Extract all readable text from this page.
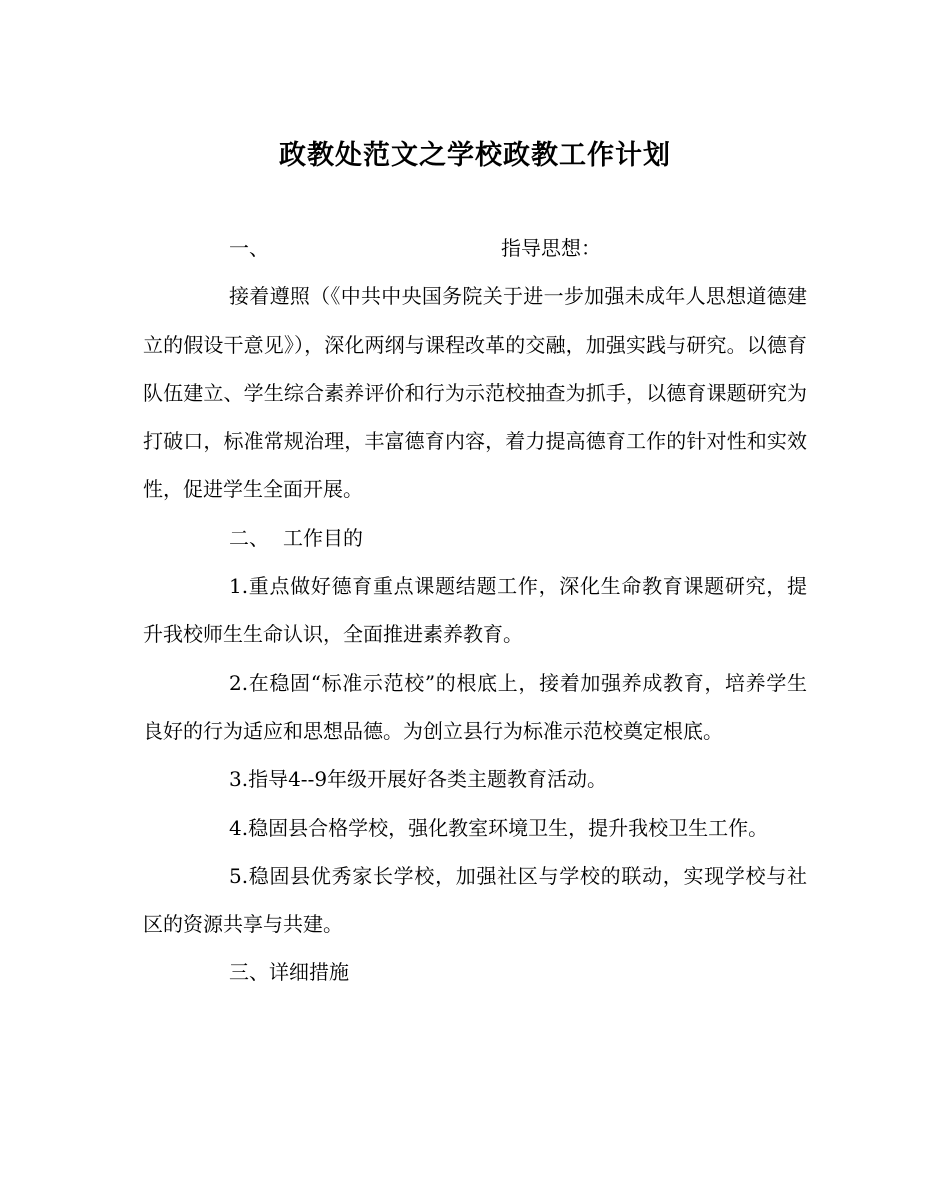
政教处范文之学校政教工作计划
一、	指导思想：

接着遵照（《中共中央国务院关于进一步加强未成年人思想道德建立的假设干意见》），深化两纲与课程改革的交融，加强实践与研究。以德育队伍建立、学生综合素养评价和行为示范校抽查为抓手，以德育课题研究为打破口，标准常规治理，丰富德育内容，着力提高德育工作的针对性和实效性，促进学生全面开展。

二、 工作目的

1.重点做好德育重点课题结题工作，深化生命教育课题研究，提升我校师生生命认识，全面推进素养教育。

2.在稳固“标准示范校”的根底上，接着加强养成教育，培养学生良好的行为适应和思想品德。为创立县行为标准示范校奠定根底。

3.指导4--9年级开展好各类主题教育活动。

4.稳固县合格学校，强化教室环境卫生，提升我校卫生工作。

5.稳固县优秀家长学校，加强社区与学校的联动，实现学校与社区的资源共享与共建。

三、详细措施
